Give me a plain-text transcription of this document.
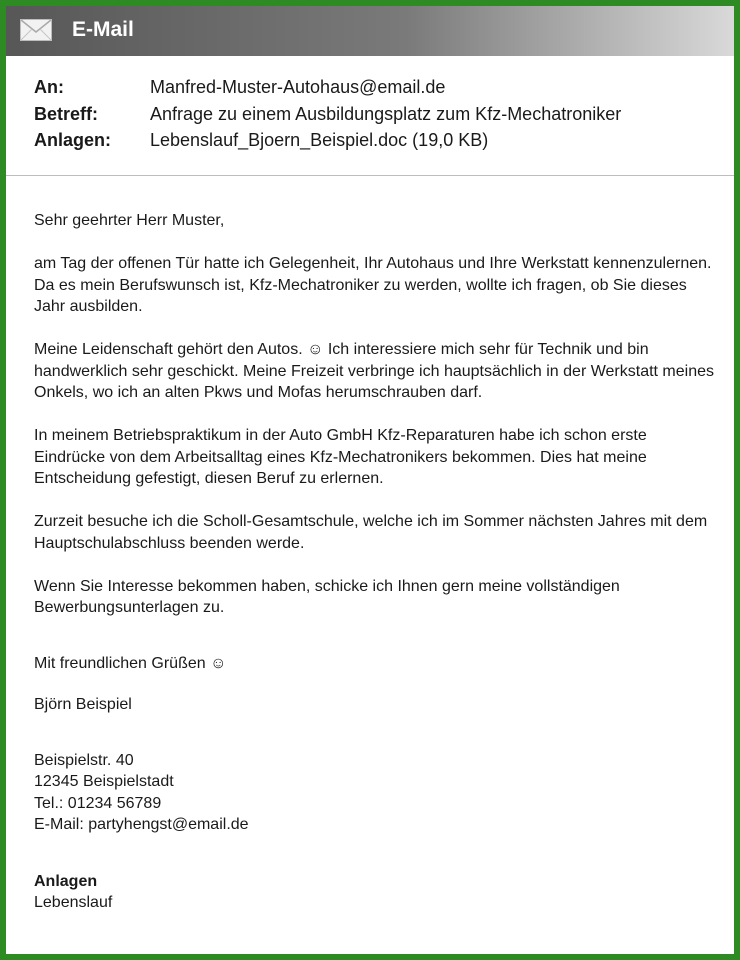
E-Mail
An:	Manfred-Muster-Autohaus@email.de
Betreff:	Anfrage zu einem Ausbildungsplatz zum Kfz-Mechatroniker
Anlagen:	Lebenslauf_Bjoern_Beispiel.doc (19,0 KB)

Sehr geehrter Herr Muster,

am Tag der offenen Tür hatte ich Gelegenheit, Ihr Autohaus und Ihre Werkstatt kennenzulernen. Da es mein Berufswunsch ist, Kfz-Mechatroniker zu werden, wollte ich fragen, ob Sie dieses Jahr ausbilden.

Meine Leidenschaft gehört den Autos. ☺ Ich interessiere mich sehr für Technik und bin handwerklich sehr geschickt. Meine Freizeit verbringe ich hauptsächlich in der Werkstatt meines Onkels, wo ich an alten Pkws und Mofas herumschrauben darf.

In meinem Betriebspraktikum in der Auto GmbH Kfz-Reparaturen habe ich schon erste Eindrücke von dem Arbeitsalltag eines Kfz-Mechatronikers bekommen. Dies hat meine Entscheidung gefestigt, diesen Beruf zu erlernen.

Zurzeit besuche ich die Scholl-Gesamtschule, welche ich im Sommer nächsten Jahres mit dem Hauptschulabschluss beenden werde.

Wenn Sie Interesse bekommen haben, schicke ich Ihnen gern meine vollständigen Bewerbungsunterlagen zu.

Mit freundlichen Grüßen ☺

Björn Beispiel

Beispielstr. 40

12345 Beispielstadt

Tel.: 01234 56789

E-Mail: partyhengst@email.de

Anlagen

Lebenslauf
